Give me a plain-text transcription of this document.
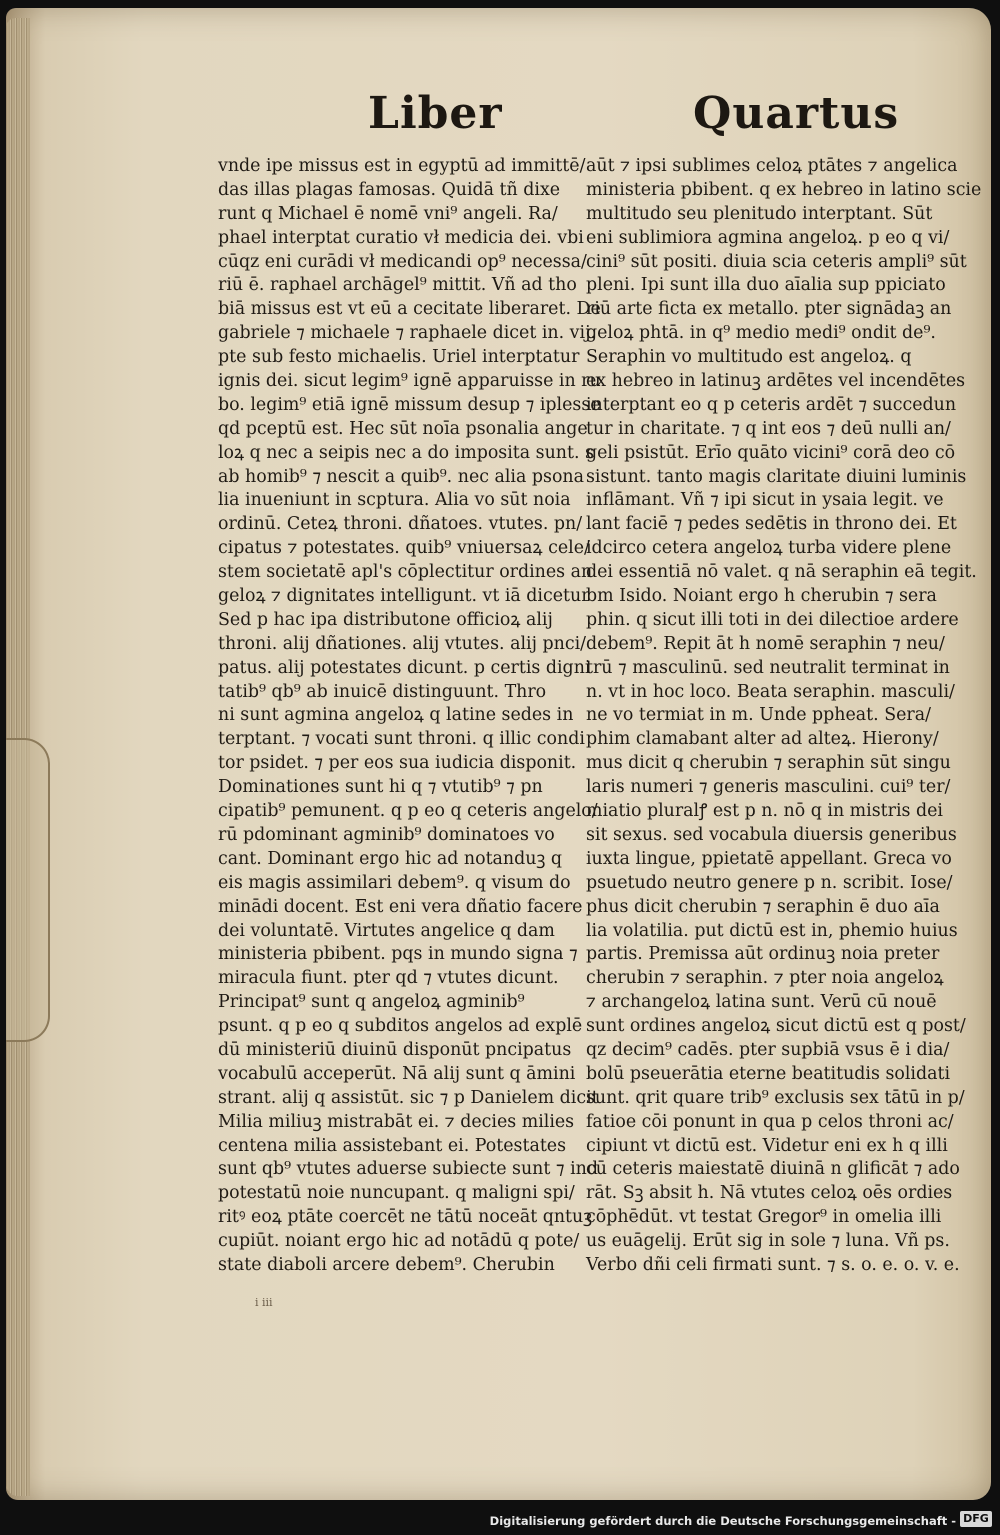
Liber	Quartus
vnde ipe missus est in egyptū ad immittē/
das illas plagas famosas. Quidā tñ dixe
runt q Michael ē nomē vni⁹ angeli. Ra/
phael interptat curatio vł medicia dei. vbi
cūqz eni curādi vł medicandi op⁹ necessa/
riū ē. raphael archāgel⁹ mittit. Vñ ad tho
biā missus est vt eū a cecitate liberaret. De
gabriele ⁊ michaele ⁊ raphaele dicet in. vij.
pte sub festo michaelis. Uriel interptatur
ignis dei. sicut legim⁹ ignē apparuisse in ru
bo. legim⁹ etiā ignē missum desup ⁊ iplesse
qd pceptū est. Hec sūt noīa psonalia ange
loꝝ q nec a seipis nec a do imposita sunt. s
ab homib⁹ ⁊ nescit a quib⁹. nec alia psona
lia inueniunt in scptura. Alia vo sūt noia
ordinū. Ceteꝝ throni. dñatoes. vtutes. pn/
cipatus ⁊ potestates. quib⁹ vniuersaꝝ cele/
stem societatē apl's cōplectitur ordines an
geloꝝ ⁊ dignitates intelligunt. vt iā dicetur
Sed p hac ipa distributone officioꝝ alij
throni. alij dñationes. alij vtutes. alij pnci/
patus. alij potestates dicunt. p certis digni
tatib⁹ qb⁹ ab inuicē distinguunt. Thro
ni sunt agmina angeloꝝ q latine sedes in
terptant. ⁊ vocati sunt throni. q illic condi
tor psidet. ⁊ per eos sua iudicia disponit.
Dominationes sunt hi q ⁊ vtutib⁹ ⁊ pn
cipatib⁹ pemunent. q p eo q ceteris angelo/
rū pdominant agminib⁹ dominatoes vo
cant. Dominant ergo hic ad notanduꝫ q
eis magis assimilari debem⁹. q visum do
minādi docent. Est eni vera dñatio facere
dei voluntatē. Virtutes angelice q dam
ministeria pbibent. pqs in mundo signa ⁊
miracula fiunt. pter qd ⁊ vtutes dicunt.
Principat⁹ sunt q angeloꝝ agminib⁹
psunt. q p eo q subditos angelos ad explē
dū ministeriū diuinū disponūt pncipatus
vocabulū acceperūt. Nā alij sunt q āmini
strant. alij q assistūt. sic ⁊ p Danielem dicit
Milia miliuꝫ mistrabāt ei. ⁊ decies milies
centena milia assistebant ei. Potestates
sunt qb⁹ vtutes aduerse subiecte sunt ⁊ ind
potestatū noie nuncupant. q maligni spi/
ritꝰ eoꝝ ptāte coercēt ne tātū noceāt qntuꝫ
cupiūt. noiant ergo hic ad notādū q pote/
state diaboli arcere debem⁹. Cherubin
aūt ⁊ ipsi sublimes celoꝝ ptātes ⁊ angelica
ministeria pbibent. q ex hebreo in latino scie
multitudo seu plenitudo interptant. Sūt
eni sublimiora agmina angeloꝝ. p eo q vi/
cini⁹ sūt positi. diuia scia ceteris ampli⁹ sūt
pleni. Ipi sunt illa duo aīalia sup ppiciato
riū arte ficta ex metallo. pter signādaꝫ an
geloꝝ phtā. in q⁹ medio medi⁹ ondit de⁹.
Seraphin vo multitudo est angeloꝝ. q
ex hebreo in latinuꝫ ardētes vel incendētes
interptant eo q p ceteris ardēt ⁊ succedun
tur in charitate. ⁊ q int eos ⁊ deū nulli an/
geli psistūt. Erīo quāto vicini⁹ corā deo cō
sistunt. tanto magis claritate diuini luminis
inflāmant. Vñ ⁊ ipi sicut in ysaia legit. ve
lant faciē ⁊ pedes sedētis in throno dei. Et
idcirco cetera angeloꝝ turba videre plene
dei essentiā nō valet. q nā seraphin eā tegit.
bm Isido. Noiant ergo h cherubin ⁊ sera
phin. q sicut illi toti in dei dilectioe ardere
debem⁹. Repit āt h nomē seraphin ⁊ neu/
trū ⁊ masculinū. sed neutralit terminat in
n. vt in hoc loco. Beata seraphin. masculi/
ne vo termiat in m. Unde ppheat. Sera/
phim clamabant alter ad alteꝝ. Hierony/
mus dicit q cherubin ⁊ seraphin sūt singu
laris numeri ⁊ generis masculini. cui⁹ ter/
miatio pluralꝭ est p n. nō q in mistris dei
sit sexus. sed vocabula diuersis generibus
iuxta lingue, ppietatē appellant. Greca vo
psuetudo neutro genere p n. scribit. Iose/
phus dicit cherubin ⁊ seraphin ē duo aīa
lia volatilia. put dictū est in, phemio huius
partis. Premissa aūt ordinuꝫ noia preter
cherubin ⁊ seraphin. ⁊ pter noia angeloꝝ
⁊ archangeloꝝ latina sunt. Verū cū nouē
sunt ordines angeloꝝ sicut dictū est q post/
qz decim⁹ cadēs. pter supbiā vsus ē i dia/
bolū pseuerātia eterne beatitudis solidati
sunt. qrit quare trib⁹ exclusis sex tātū in p/
fatioe cōi ponunt in qua p celos throni ac/
cipiunt vt dictū est. Videtur eni ex h q illi
cū ceteris maiestatē diuinā n glificāt ⁊ ado
rāt. Sꝫ absit h. Nā vtutes celoꝝ oēs ordies
cōphēdūt. vt testat Gregor⁹ in omelia illi
us euāgelij. Erūt sig in sole ⁊ luna. Vñ ps.
Verbo dñi celi firmati sunt. ⁊ s. o. e. o. v. e.
i iii
Digitalisierung gefördert durch die Deutsche Forschungsgemeinschaft - DFG
